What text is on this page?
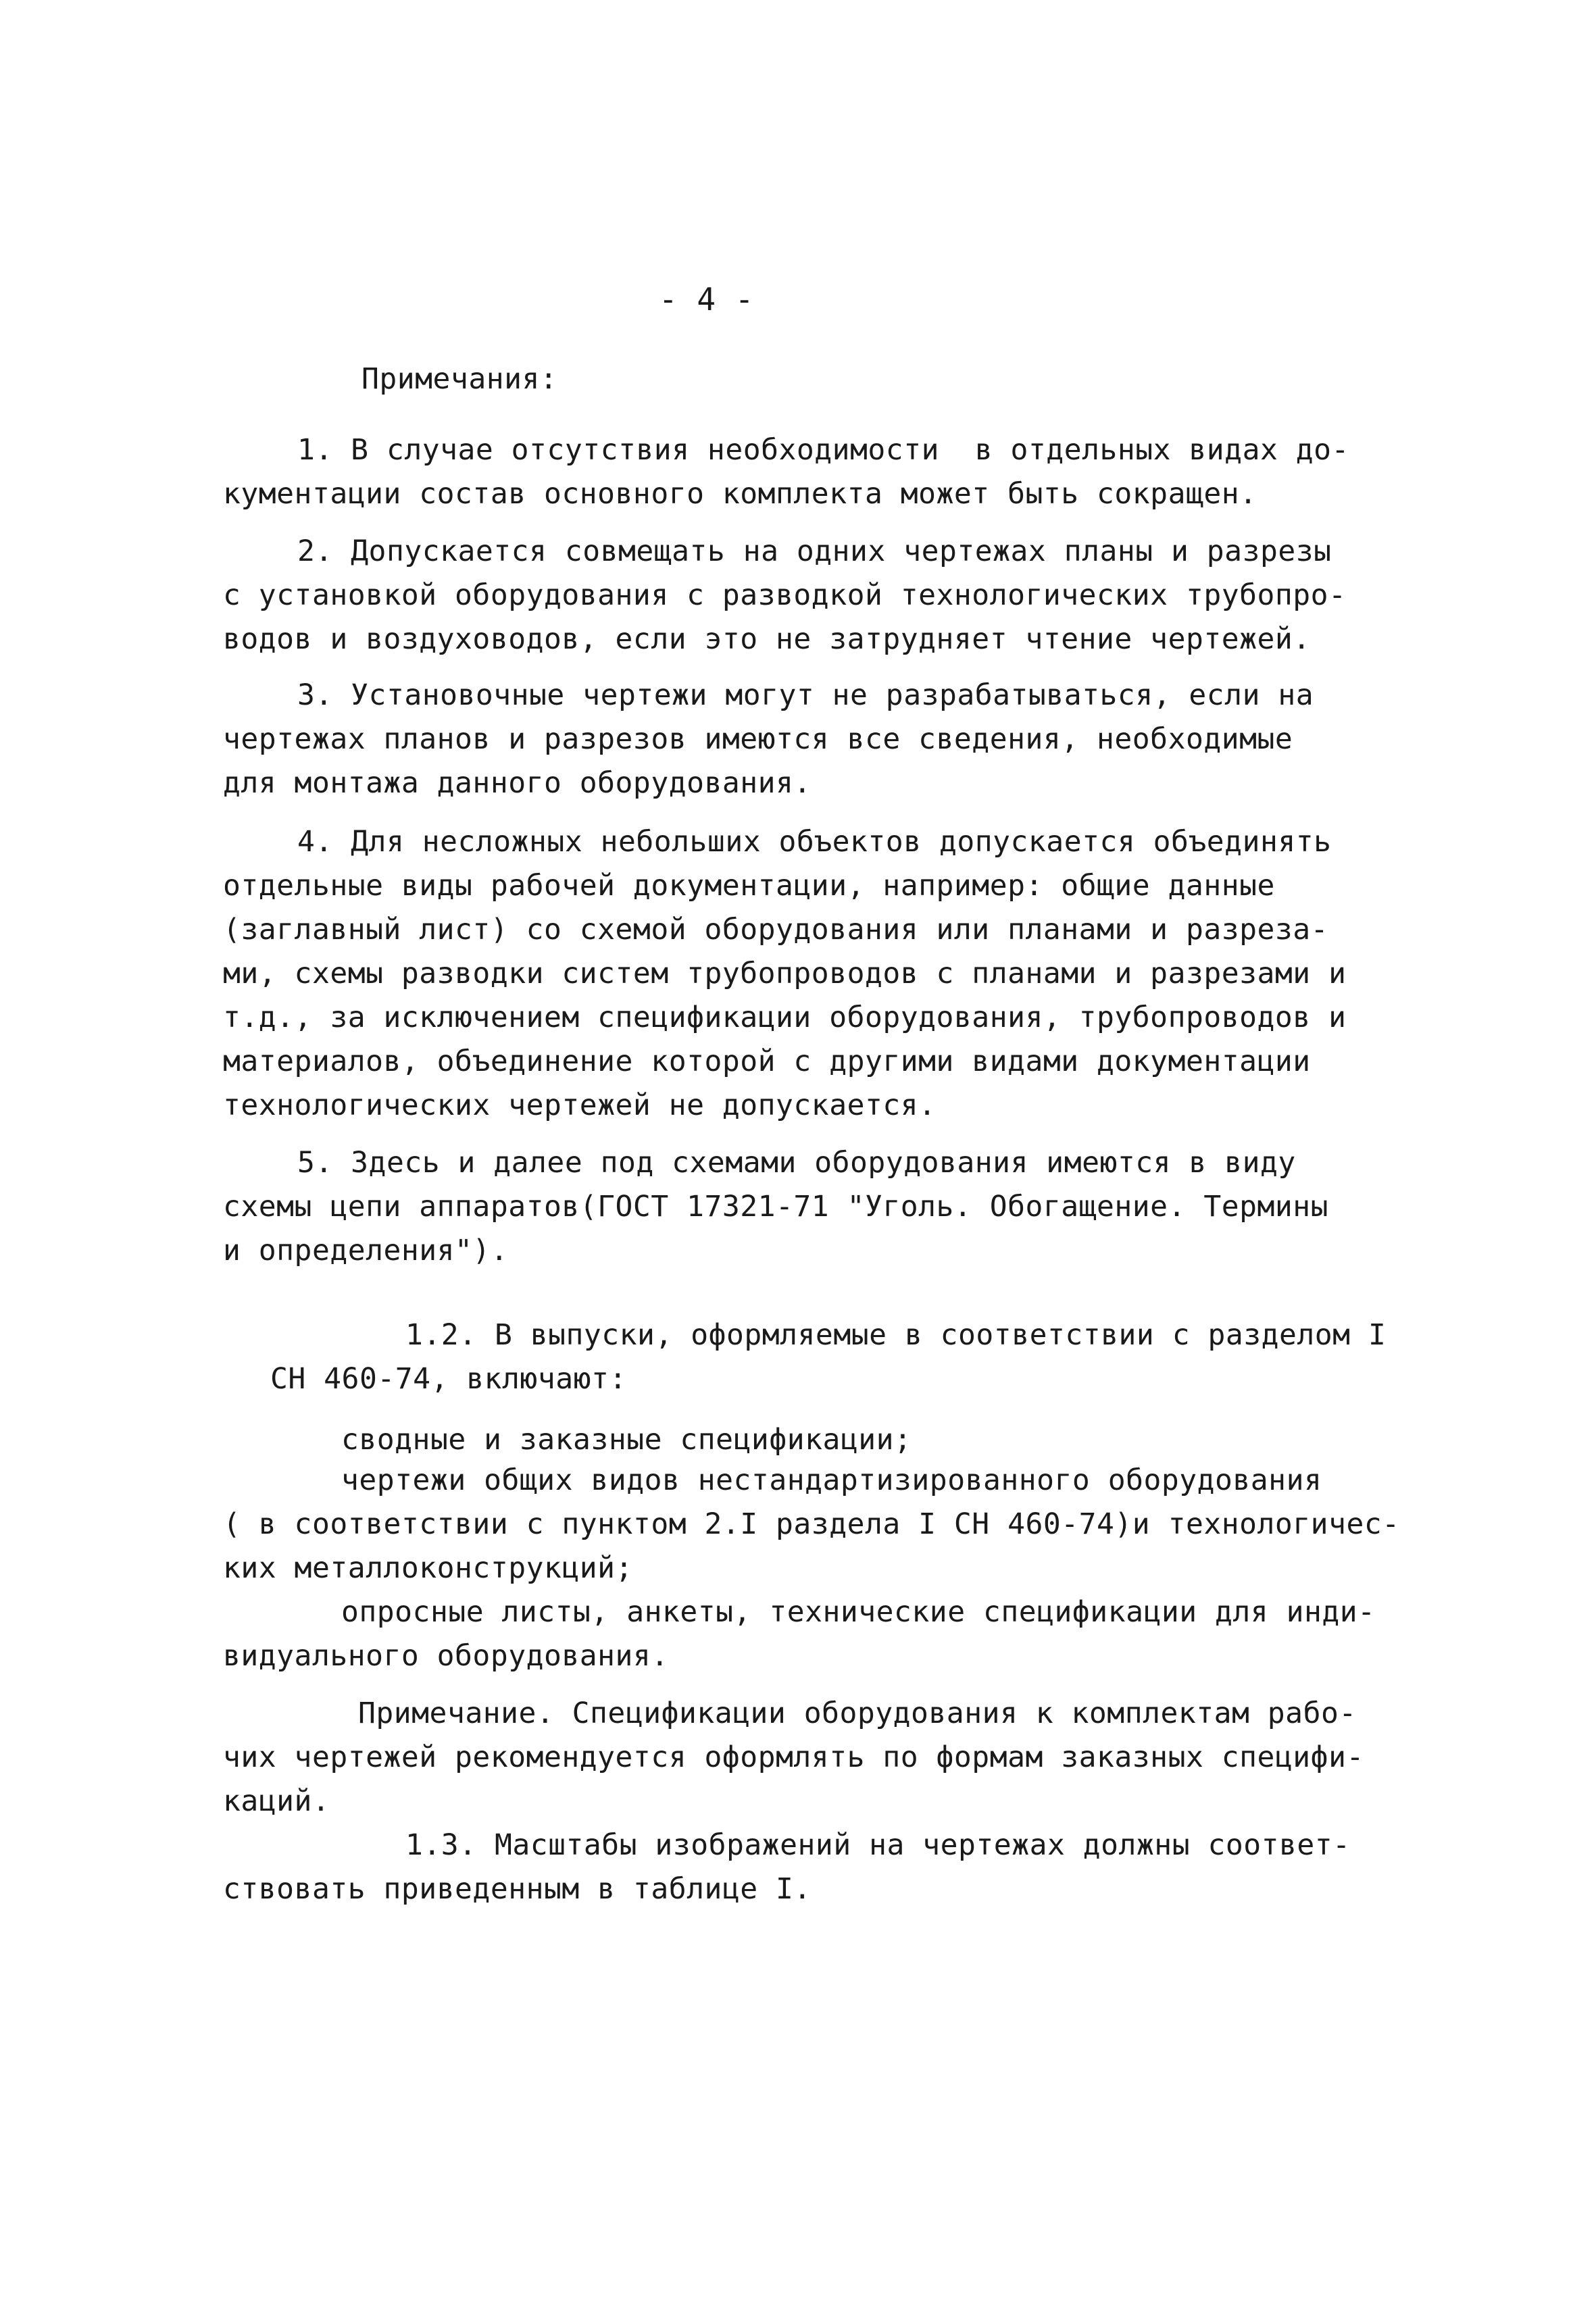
- 4 -
Примечания:
1. В случае отсутствия необходимости  в отдельных видах до-
кументации состав основного комплекта может быть сокращен.
2. Допускается совмещать на одних чертежах планы и разрезы
с установкой оборудования с разводкой технологических трубопро-
водов и воздуховодов, если это не затрудняет чтение чертежей.
3. Установочные чертежи могут не разрабатываться, если на
чертежах планов и разрезов имеются все сведения, необходимые
для монтажа данного оборудования.
4. Для несложных небольших объектов допускается объединять
отдельные виды рабочей документации, например: общие данные
(заглавный лист) со схемой оборудования или планами и разреза-
ми, схемы разводки систем трубопроводов с планами и разрезами и
т.д., за исключением спецификации оборудования, трубопроводов и
материалов, объединение которой с другими видами документации
технологических чертежей не допускается.
5. Здесь и далее под схемами оборудования имеются в виду
схемы цепи аппаратов(ГОСТ 17321-71 "Уголь. Обогащение. Термины
и определения").
1.2. В выпуски, оформляемые в соответствии с разделом I
СН 460-74, включают:
сводные и заказные спецификации;
чертежи общих видов нестандартизированного оборудования
( в соответствии с пунктом 2.I раздела I СН 460-74)и технологичес-
ких металлоконструкций;
опросные листы, анкеты, технические спецификации для инди-
видуального оборудования.
Примечание. Спецификации оборудования к комплектам рабо-
чих чертежей рекомендуется оформлять по формам заказных специфи-
каций.
1.3. Масштабы изображений на чертежах должны соответ-
ствовать приведенным в таблице I.
